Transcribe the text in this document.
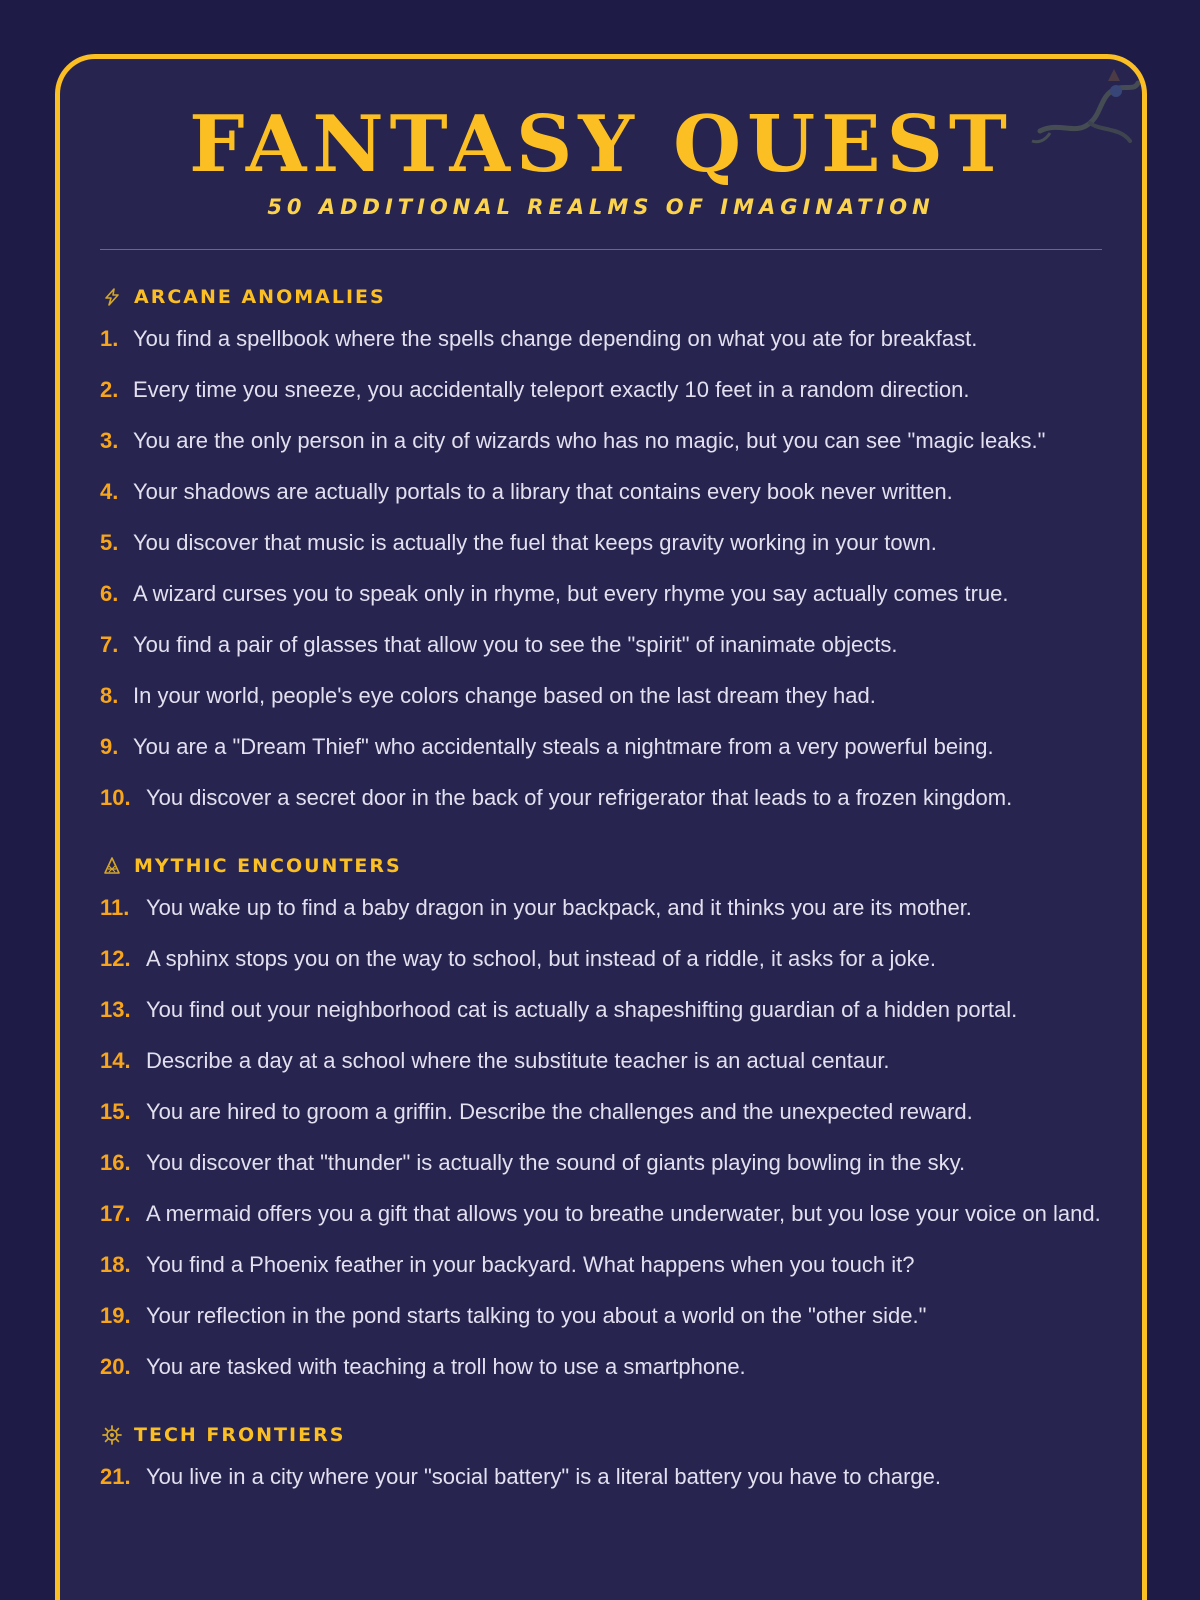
FANTASY QUEST
50 ADDITIONAL REALMS OF IMAGINATION
ARCANE ANOMALIES
1. You find a spellbook where the spells change depending on what you ate for breakfast.
2. Every time you sneeze, you accidentally teleport exactly 10 feet in a random direction.
3. You are the only person in a city of wizards who has no magic, but you can see "magic leaks."
4. Your shadows are actually portals to a library that contains every book never written.
5. You discover that music is actually the fuel that keeps gravity working in your town.
6. A wizard curses you to speak only in rhyme, but every rhyme you say actually comes true.
7. You find a pair of glasses that allow you to see the "spirit" of inanimate objects.
8. In your world, people's eye colors change based on the last dream they had.
9. You are a "Dream Thief" who accidentally steals a nightmare from a very powerful being.
10. You discover a secret door in the back of your refrigerator that leads to a frozen kingdom.
MYTHIC ENCOUNTERS
11. You wake up to find a baby dragon in your backpack, and it thinks you are its mother.
12. A sphinx stops you on the way to school, but instead of a riddle, it asks for a joke.
13. You find out your neighborhood cat is actually a shapeshifting guardian of a hidden portal.
14. Describe a day at a school where the substitute teacher is an actual centaur.
15. You are hired to groom a griffin. Describe the challenges and the unexpected reward.
16. You discover that "thunder" is actually the sound of giants playing bowling in the sky.
17. A mermaid offers you a gift that allows you to breathe underwater, but you lose your voice on land.
18. You find a Phoenix feather in your backyard. What happens when you touch it?
19. Your reflection in the pond starts talking to you about a world on the "other side."
20. You are tasked with teaching a troll how to use a smartphone.
TECH FRONTIERS
21. You live in a city where your "social battery" is a literal battery you have to charge.
